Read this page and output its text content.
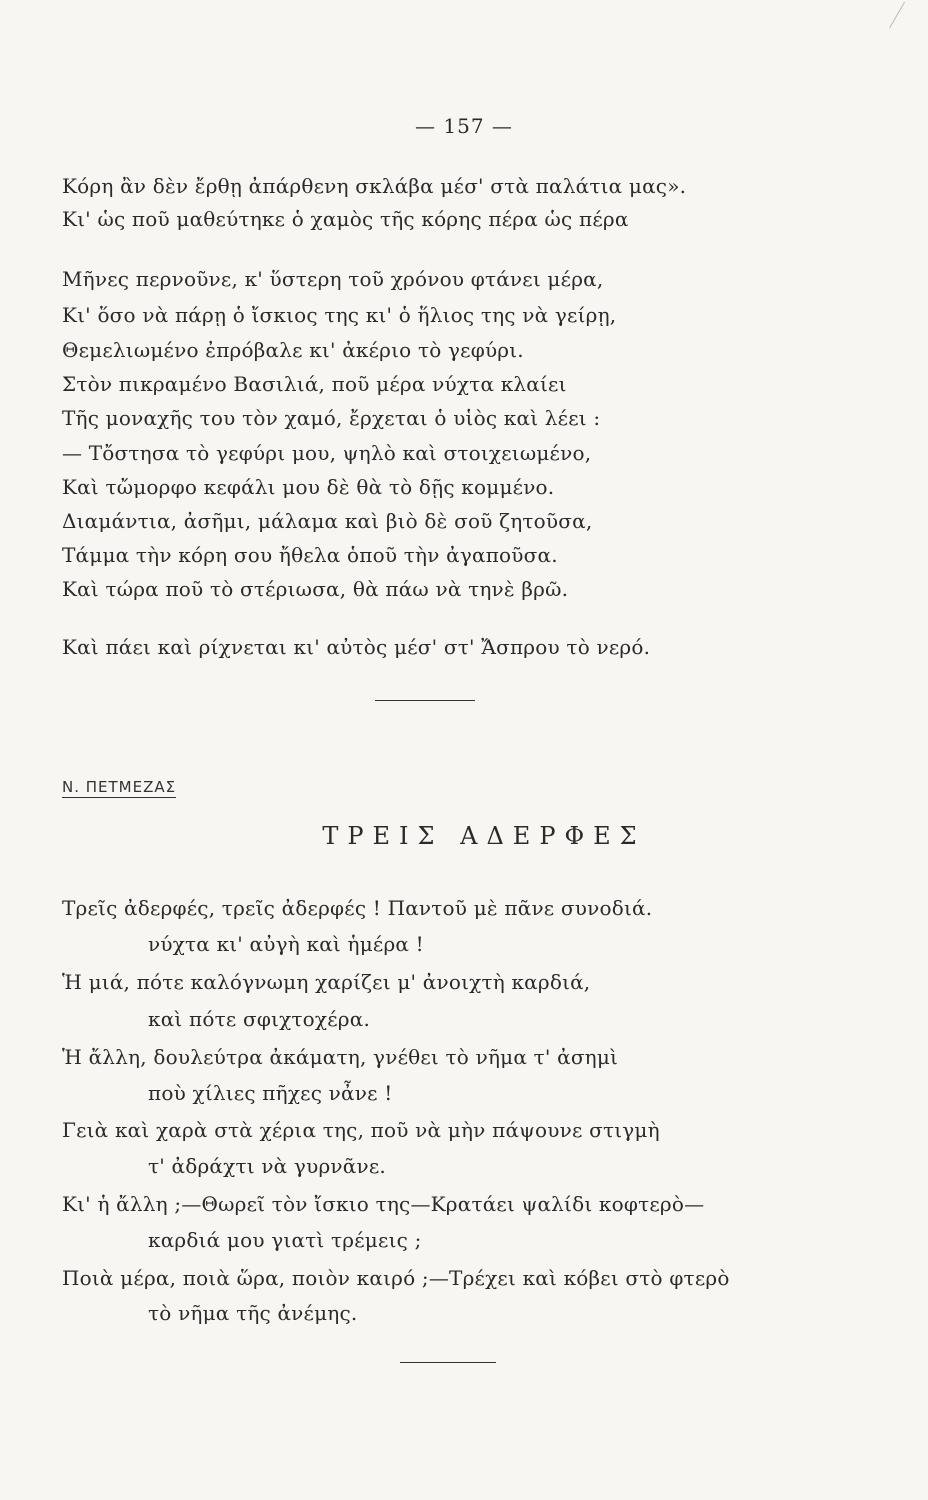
— 157 —
Κόρη ἂν δὲν ἔρθῃ ἀπάρθενη σκλάβα μέσ' στὰ παλάτια μας».
Κι' ὡς ποῦ μαθεύτηκε ὁ χαμὸς τῆς κόρης πέρα ὡς πέρα
Μῆνες περνοῦνε, κ' ὕστερη τοῦ χρόνου φτάνει μέρα,
Κι' ὅσο νὰ πάρῃ ὁ ἴσκιος της κι' ὁ ἥλιος της νὰ γείρῃ,
Θεμελιωμένο ἐπρόβαλε κι' ἀκέριο τὸ γεφύρι.
Στὸν πικραμένο Βασιλιά, ποῦ μέρα νύχτα κλαίει
Τῆς μοναχῆς του τὸν χαμό, ἔρχεται ὁ υἱὸς καὶ λέει :
— Τὄστησα τὸ γεφύρι μου, ψηλὸ καὶ στοιχειωμένο,
Καὶ τὤμορφο κεφάλι μου δὲ θὰ τὸ δῇς κομμένο.
Διαμάντια, ἀσῆμι, μάλαμα καὶ βιὸ δὲ σοῦ ζητοῦσα,
Τάμμα τὴν κόρη σου ἤθελα ὁποῦ τὴν ἀγαποῦσα.
Καὶ τώρα ποῦ τὸ στέριωσα, θὰ πάω νὰ τηνὲ βρῶ.
Καὶ πάει καὶ ρίχνεται κι' αὐτὸς μέσ' στ' Ἄσπρου τὸ νερό.
Ν. ΠΕΤΜΕΖΑΣ
ΤΡΕΙΣ ΑΔΕΡΦΕΣ
Τρεῖς ἀδερφές, τρεῖς ἀδερφές ! Παντοῦ μὲ πᾶνε συνοδιά.
νύχτα κι' αὐγὴ καὶ ἡμέρα !
Ἡ μιά, πότε καλόγνωμη χαρίζει μ' ἀνοιχτὴ καρδιά,
καὶ πότε σφιχτοχέρα.
Ἡ ἄλλη, δουλεύτρα ἀκάματη, γνέθει τὸ νῆμα τ' ἀσημὶ
ποὺ χίλιες πῆχες νἆνε !
Γειὰ καὶ χαρὰ στὰ χέρια της, ποῦ νὰ μὴν πάψουνε στιγμὴ
τ' ἀδράχτι νὰ γυρνᾶνε.
Κι' ἡ ἄλλη ;—Θωρεῖ τὸν ἴσκιο της—Κρατάει ψαλίδι κοφτερὸ—
καρδιά μου γιατὶ τρέμεις ;
Ποιὰ μέρα, ποιὰ ὥρα, ποιὸν καιρό ;—Τρέχει καὶ κόβει στὸ φτερὸ
τὸ νῆμα τῆς ἀνέμης.
